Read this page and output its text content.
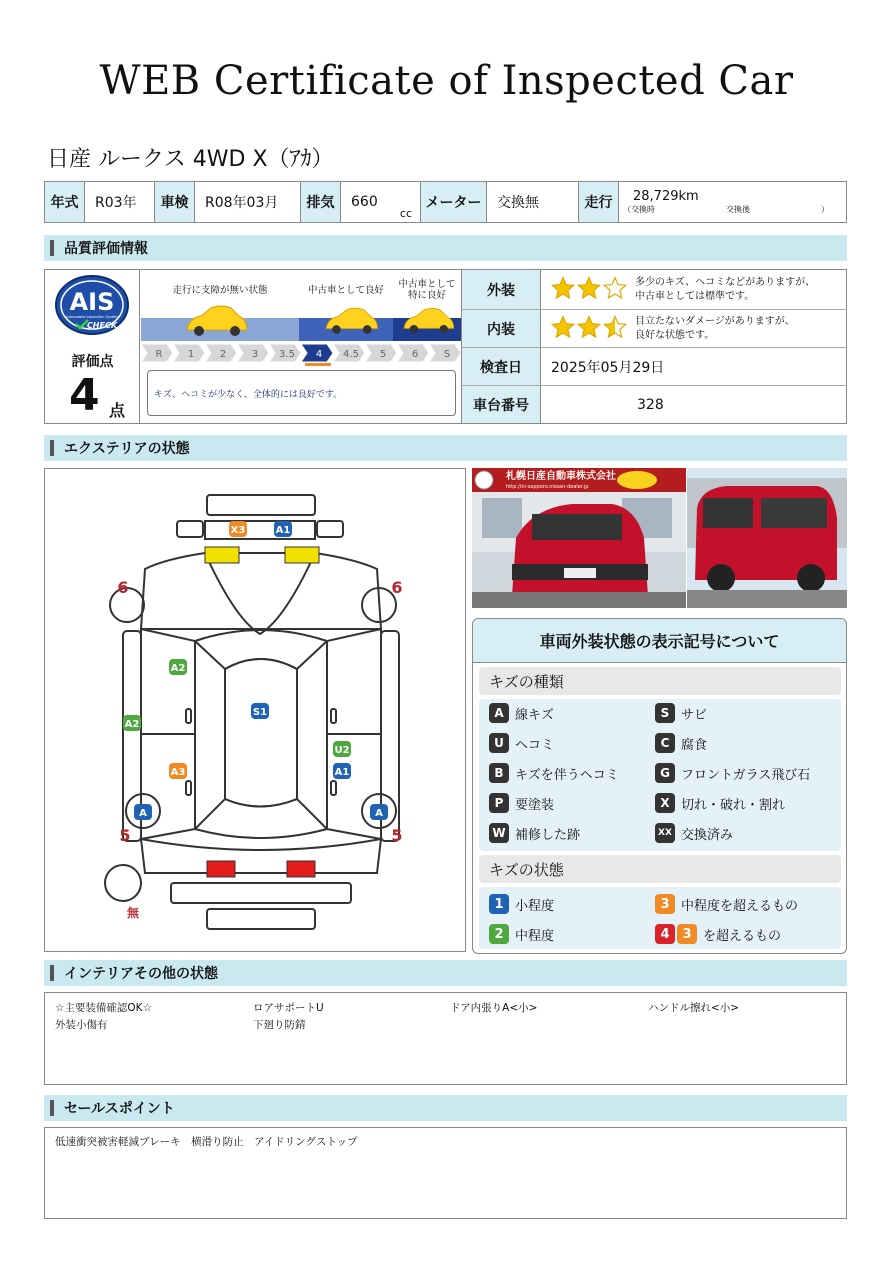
WEB Certificate of Inspected Car
日産 ルークス 4WD X（ｱｶ）
年式	R03年	車検	R08年03月	排気	660
cc
メーター	交換無	走行	28,729km
（交換時	交換後	）
品質評価情報
AIS
Automobile Inspection System
CHECK
評価点
4 点
走行に支障が無い状態	中古車として良好
中古車として
特に良好
R	1	2	3 3.5 4 4.5 5	6	S
キズ、ヘコミが少なく、全体的には良好です。
外装	多少のキズ、ヘコミなどがありますが、
中古車としては標準です。
内装	目立たないダメージがありますが、
良好な状態です。
検査日	2025年05月29日
車台番号	328
エクステリアの状態
X3	A1
S1
A2
A2
A3
U2
A1
A	A
6	6
5	5
無
札幌日産自動車株式会社
http://ni-sapporo.nissan-dealer.jp
車両外装状態の表示記号について
キズの種類
キズの状態
A 線キズ	S サビ
U ヘコミ	C 腐食
B キズを伴うヘコミ	G フロントガラス飛び石
P 要塗装	X 切れ・破れ・割れ
W 補修した跡	XX 交換済み
1 小程度	3 中程度を超えるもの
2 中程度	4 3 を超えるもの
インテリアその他の状態
☆主要装備確認OK☆	ロアサポートU	ドア内張りA<小>	ハンドル擦れ<小>
外装小傷有	下廻り防錆
セールスポイント
低速衝突被害軽減ブレーキ　横滑り防止　アイドリングストップ
